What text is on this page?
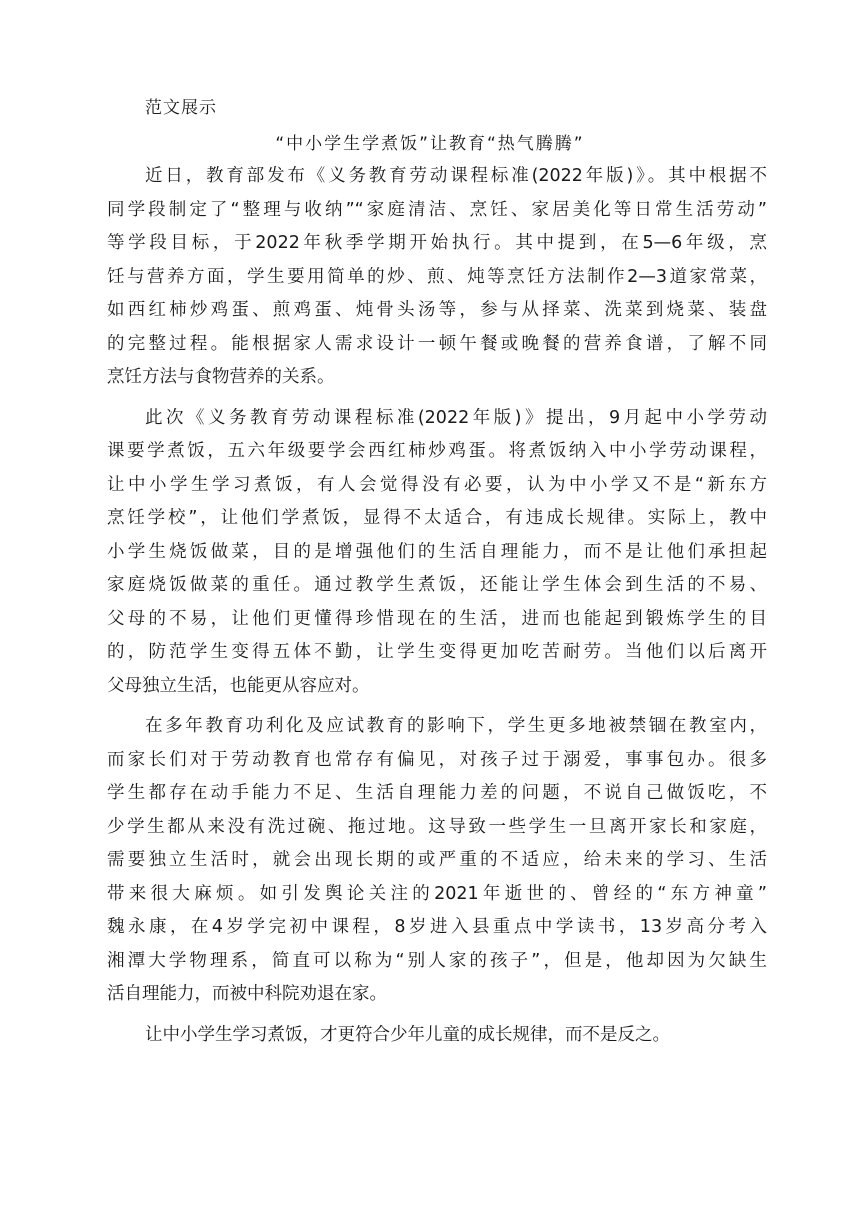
范文展示
“中小学生学煮饭”让教育“热气腾腾”
近日，教育部发布《义务教育劳动课程标准(2022年版)》。其中根据不
同学段制定了“整理与收纳”“家庭清洁、烹饪、家居美化等日常生活劳动”
等学段目标，于2022年秋季学期开始执行。其中提到，在5—6年级，烹
饪与营养方面，学生要用简单的炒、煎、炖等烹饪方法制作2—3道家常菜，
如西红柿炒鸡蛋、煎鸡蛋、炖骨头汤等，参与从择菜、洗菜到烧菜、装盘
的完整过程。能根据家人需求设计一顿午餐或晚餐的营养食谱，了解不同
烹饪方法与食物营养的关系。
此次《义务教育劳动课程标准(2022年版)》提出，9月起中小学劳动
课要学煮饭，五六年级要学会西红柿炒鸡蛋。将煮饭纳入中小学劳动课程，
让中小学生学习煮饭，有人会觉得没有必要，认为中小学又不是“新东方
烹饪学校”，让他们学煮饭，显得不太适合，有违成长规律。实际上，教中
小学生烧饭做菜，目的是增强他们的生活自理能力，而不是让他们承担起
家庭烧饭做菜的重任。通过教学生煮饭，还能让学生体会到生活的不易、
父母的不易，让他们更懂得珍惜现在的生活，进而也能起到锻炼学生的目
的，防范学生变得五体不勤，让学生变得更加吃苦耐劳。当他们以后离开
父母独立生活，也能更从容应对。
在多年教育功利化及应试教育的影响下，学生更多地被禁锢在教室内，
而家长们对于劳动教育也常存有偏见，对孩子过于溺爱，事事包办。很多
学生都存在动手能力不足、生活自理能力差的问题，不说自己做饭吃，不
少学生都从来没有洗过碗、拖过地。这导致一些学生一旦离开家长和家庭，
需要独立生活时，就会出现长期的或严重的不适应，给未来的学习、生活
带来很大麻烦。如引发舆论关注的2021年逝世的、曾经的“东方神童”
魏永康，在4岁学完初中课程，8岁进入县重点中学读书，13岁高分考入
湘潭大学物理系，简直可以称为“别人家的孩子”，但是，他却因为欠缺生
活自理能力，而被中科院劝退在家。
让中小学生学习煮饭，才更符合少年儿童的成长规律，而不是反之。
